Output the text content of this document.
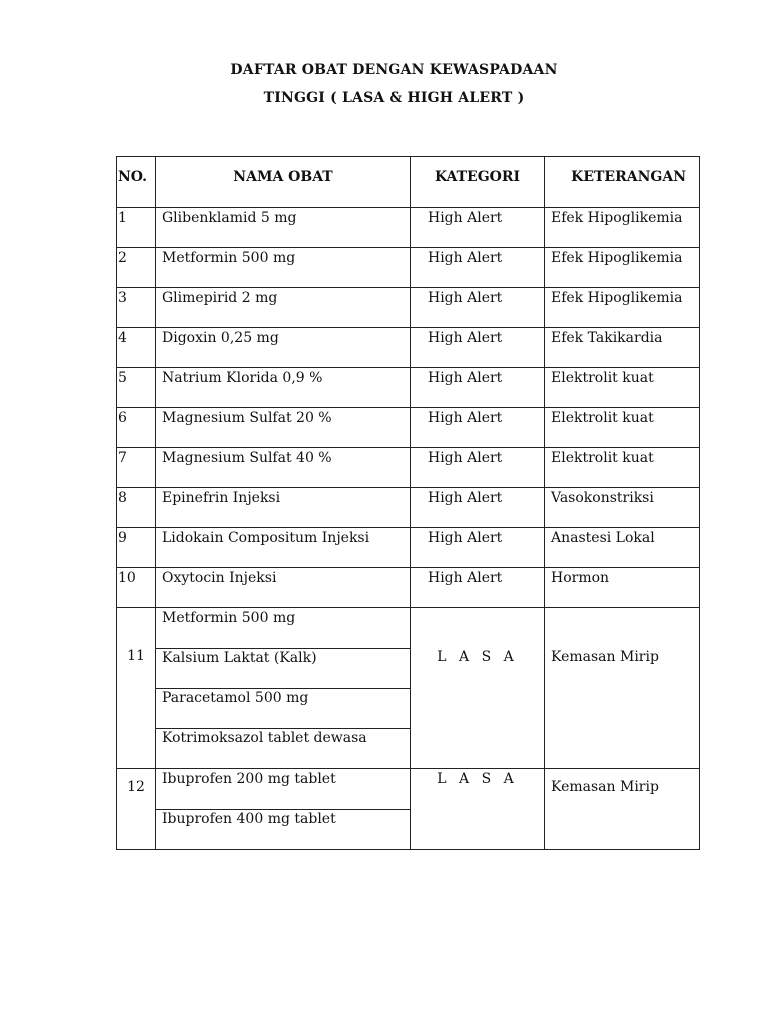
DAFTAR OBAT DENGAN KEWASPADAAN
TINGGI ( LASA & HIGH ALERT )
NO.	NAMA OBAT	KATEGORI	KETERANGAN
1	Glibenklamid 5 mg	High Alert	Efek Hipoglikemia
2	Metformin 500 mg	High Alert	Efek Hipoglikemia
3	Glimepirid 2 mg	High Alert	Efek Hipoglikemia
4	Digoxin 0,25 mg	High Alert	Efek Takikardia
5	Natrium Klorida 0,9 %	High Alert	Elektrolit kuat
6	Magnesium Sulfat 20 %	High Alert	Elektrolit kuat
7	Magnesium Sulfat 40 %	High Alert	Elektrolit kuat
8	Epinefrin Injeksi	High Alert	Vasokonstriksi
9	Lidokain Compositum Injeksi	High Alert	Anastesi Lokal
10	Oxytocin Injeksi	High Alert	Hormon
11	Metformin 500 mg
Kalsium Laktat (Kalk)
Paracetamol 500 mg
Kotrimoksazol tablet dewasa	L A S A	Kemasan Mirip
12	Ibuprofen 200 mg tablet
Ibuprofen 400 mg tablet	L A S A	Kemasan Mirip
